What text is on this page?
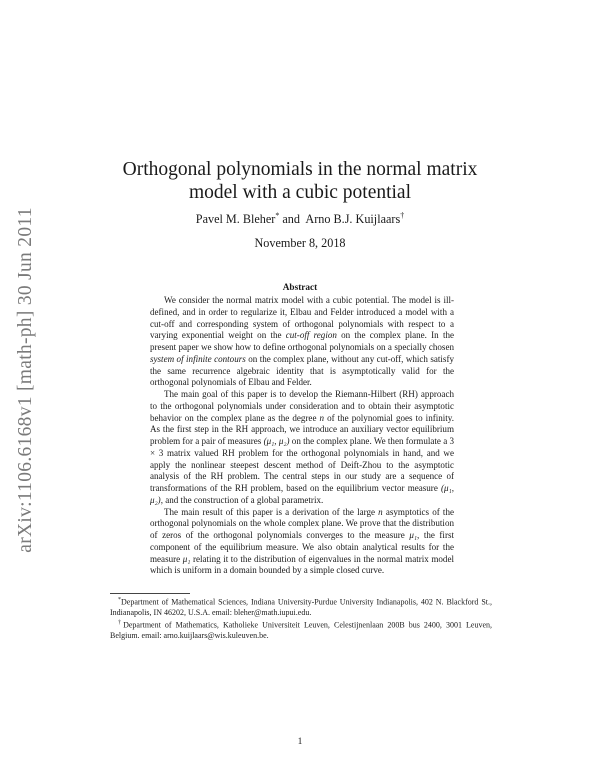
arXiv:1106.6168v1 [math-ph] 30 Jun 2011
Orthogonal polynomials in the normal matrix model with a cubic potential
Pavel M. Bleher* and Arno B.J. Kuijlaars†
November 8, 2018
Abstract

We consider the normal matrix model with a cubic potential. The model is ill-defined, and in order to regularize it, Elbau and Felder introduced a model with a cut-off and corresponding system of orthogonal polynomials with respect to a varying exponential weight on the cut-off region on the complex plane. In the present paper we show how to define orthogonal polynomials on a specially chosen system of infinite contours on the complex plane, without any cut-off, which satisfy the same recurrence algebraic identity that is asymptotically valid for the orthogonal polynomials of Elbau and Felder.

The main goal of this paper is to develop the Riemann-Hilbert (RH) approach to the orthogonal polynomials under consideration and to obtain their asymptotic behavior on the complex plane as the degree n of the polynomial goes to infinity. As the first step in the RH approach, we introduce an auxiliary vector equilibrium problem for a pair of measures (μ₁, μ₂) on the complex plane. We then formulate a 3 × 3 matrix valued RH problem for the orthogonal polynomials in hand, and we apply the nonlinear steepest descent method of Deift-Zhou to the asymptotic analysis of the RH problem. The central steps in our study are a sequence of transformations of the RH problem, based on the equilibrium vector measure (μ₁, μ₂), and the construction of a global parametrix.

The main result of this paper is a derivation of the large n asymptotics of the orthogonal polynomials on the whole complex plane. We prove that the distribution of zeros of the orthogonal polynomials converges to the measure μ₁, the first component of the equilibrium measure. We also obtain analytical results for the measure μ₁ relating it to the distribution of eigenvalues in the normal matrix model which is uniform in a domain bounded by a simple closed curve.

*Department of Mathematical Sciences, Indiana University-Purdue University Indianapolis, 402 N. Blackford St., Indianapolis, IN 46202, U.S.A. email: bleher@math.iupui.edu.

†Department of Mathematics, Katholieke Universiteit Leuven, Celestijnenlaan 200B bus 2400, 3001 Leuven, Belgium. email: arno.kuijlaars@wis.kuleuven.be.

1
